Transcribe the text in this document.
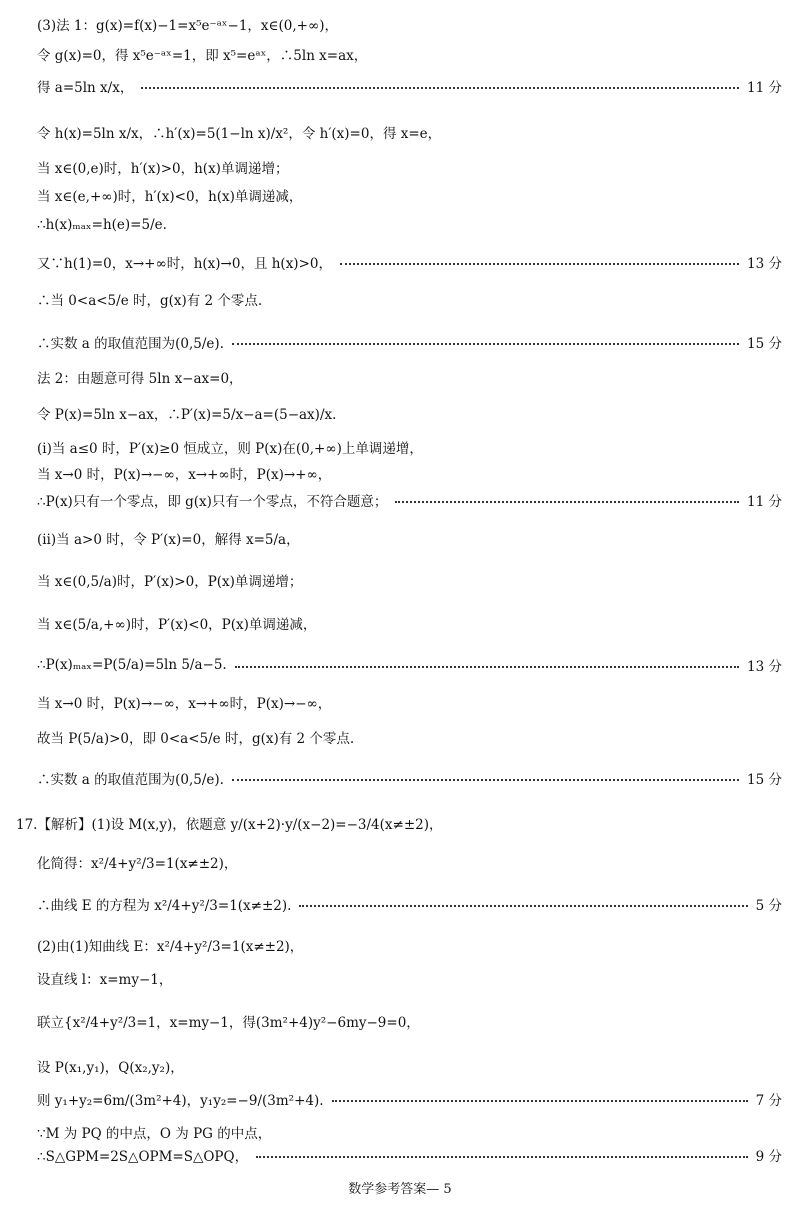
(3)法 1：g(x)=f(x)−1=x⁵e⁻ᵃˣ−1，x∈(0,+∞)，
令 g(x)=0，得 x⁵e⁻ᵃˣ=1，即 x⁵=eᵃˣ，∴5ln x=ax，
得 a=5ln x/x，	11 分
令 h(x)=5ln x/x，∴h′(x)=5(1−ln x)/x²，令 h′(x)=0，得 x=e，
当 x∈(0,e)时，h′(x)>0，h(x)单调递增；
当 x∈(e,+∞)时，h′(x)<0，h(x)单调递减，
∴h(x)ₘₐₓ=h(e)=5/e.
又∵h(1)=0，x→+∞时，h(x)→0，且 h(x)>0，	13 分
∴当 0<a<5/e 时，g(x)有 2 个零点.
∴实数 a 的取值范围为(0,5/e).	15 分
法 2：由题意可得 5ln x−ax=0，
令 P(x)=5ln x−ax，∴P′(x)=5/x−a=(5−ax)/x.
(ⅰ)当 a≤0 时，P′(x)≥0 恒成立，则 P(x)在(0,+∞)上单调递增，
当 x→0 时，P(x)→−∞，x→+∞时，P(x)→+∞，
∴P(x)只有一个零点，即 g(x)只有一个零点，不符合题意；	11 分
(ⅱ)当 a>0 时，令 P′(x)=0，解得 x=5/a，
当 x∈(0,5/a)时，P′(x)>0，P(x)单调递增；
当 x∈(5/a,+∞)时，P′(x)<0，P(x)单调递减，
∴P(x)ₘₐₓ=P(5/a)=5ln 5/a−5.	13 分
当 x→0 时，P(x)→−∞，x→+∞时，P(x)→−∞，
故当 P(5/a)>0，即 0<a<5/e 时，g(x)有 2 个零点.
∴实数 a 的取值范围为(0,5/e).	15 分
17.【解析】(1)设 M(x,y)，依题意 y/(x+2)·y/(x−2)=−3/4(x≠±2)，
化简得：x²/4+y²/3=1(x≠±2)，
∴曲线 E 的方程为 x²/4+y²/3=1(x≠±2).	5 分
(2)由(1)知曲线 E：x²/4+y²/3=1(x≠±2)，
设直线 l：x=my−1，
联立{x²/4+y²/3=1，x=my−1，得(3m²+4)y²−6my−9=0，
设 P(x₁,y₁)，Q(x₂,y₂)，
则 y₁+y₂=6m/(3m²+4)，y₁y₂=−9/(3m²+4).	7 分
∵M 为 PQ 的中点，O 为 PG 的中点，
∴S△GPM=2S△OPM=S△OPQ，	9 分
数学参考答案— 5
